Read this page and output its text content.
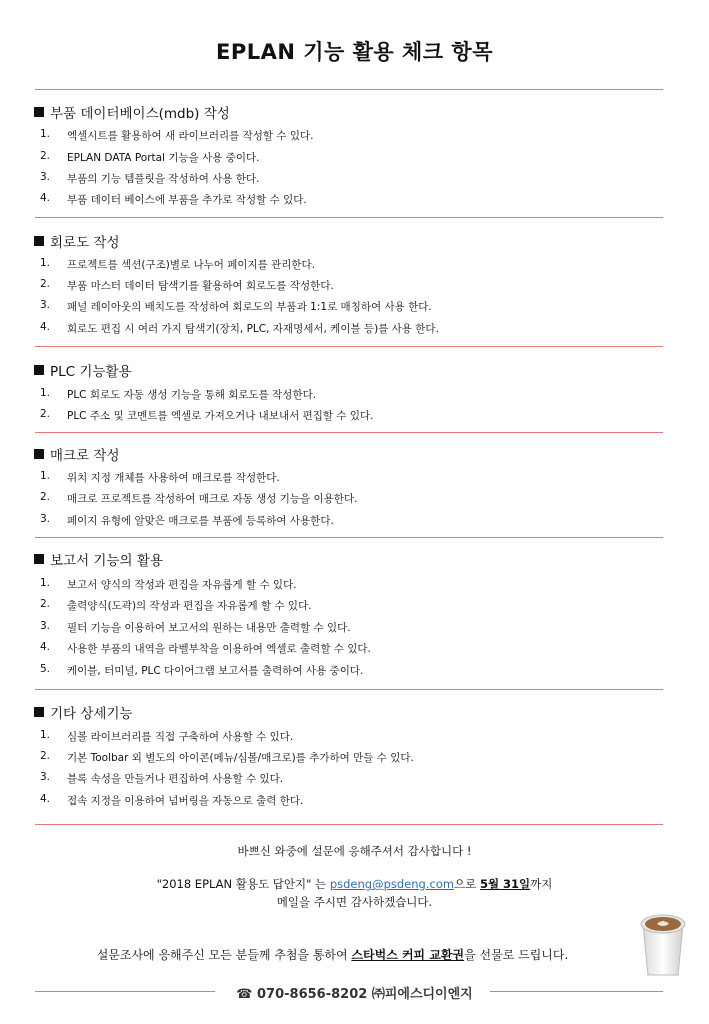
EPLAN 기능 활용 체크 항목
부품 데이터베이스(mdb) 작성
1.	엑셀시트를 활용하여 새 라이브러리를 작성할 수 있다.
2.	EPLAN DATA Portal 기능을 사용 중이다.
3.	부품의 기능 템플릿을 작성하여 사용 한다.
4.	부품 데이터 베이스에 부품을 추가로 작성할 수 있다.
회로도 작성
1.	프로젝트를 섹션(구조)별로 나누어 페이지를 관리한다.
2.	부품 마스터 데이터 탐색기를 활용하여 회로도를 작성한다.
3.	패널 레이아웃의 배치도를 작성하여 회로도의 부품과 1:1로 매칭하여 사용 한다.
4.	회로도 편집 시 여러 가지 탐색기(장치, PLC, 자재명세서, 케이블 등)를 사용 한다.
PLC 기능활용
1.	PLC 회로도 자동 생성 기능을 통해 회로도를 작성한다.
2.	PLC 주소 및 코멘트를 엑셀로 가져오거나 내보내서 편집할 수 있다.
매크로 작성
1.	위치 지정 개체를 사용하여 매크로를 작성한다.
2.	매크로 프로젝트를 작성하여 매크로 자동 생성 기능을 이용한다.
3.	페이지 유형에 알맞은 매크로를 부품에 등록하여 사용한다.
보고서 기능의 활용
1.	보고서 양식의 작성과 편집을 자유롭게 할 수 있다.
2.	출력양식(도곽)의 작성과 편집을 자유롭게 할 수 있다.
3.	필터 기능을 이용하여 보고서의 원하는 내용만 출력할 수 있다.
4.	사용한 부품의 내역을 라벨부착을 이용하여 엑셀로 출력할 수 있다.
5.	케이블, 터미널, PLC 다이어그램 보고서를 출력하여 사용 중이다.
기타 상세기능
1.	심볼 라이브러리를 직접 구축하여 사용할 수 있다.
2.	기본 Toolbar 외 별도의 아이콘(메뉴/심볼/매크로)를 추가하여 만들 수 있다.
3.	블록 속성을 만들거나 편집하여 사용할 수 있다.
4.	접속 지정을 이용하여 넘버링을 자동으로 출력 한다.
바쁘신 와중에 설문에 응해주셔서 감사합니다 !
"2018 EPLAN 활용도 답안지" 는 psdeng@psdeng.com으로 5월 31일까지
메일을 주시면 감사하겠습니다.
설문조사에 응해주신 모든 분들께 추첨을 통하여 스타벅스 커피 교환권을 선물로 드립니다.
☎ 070-8656-8202 ㈜피에스디이엔지
